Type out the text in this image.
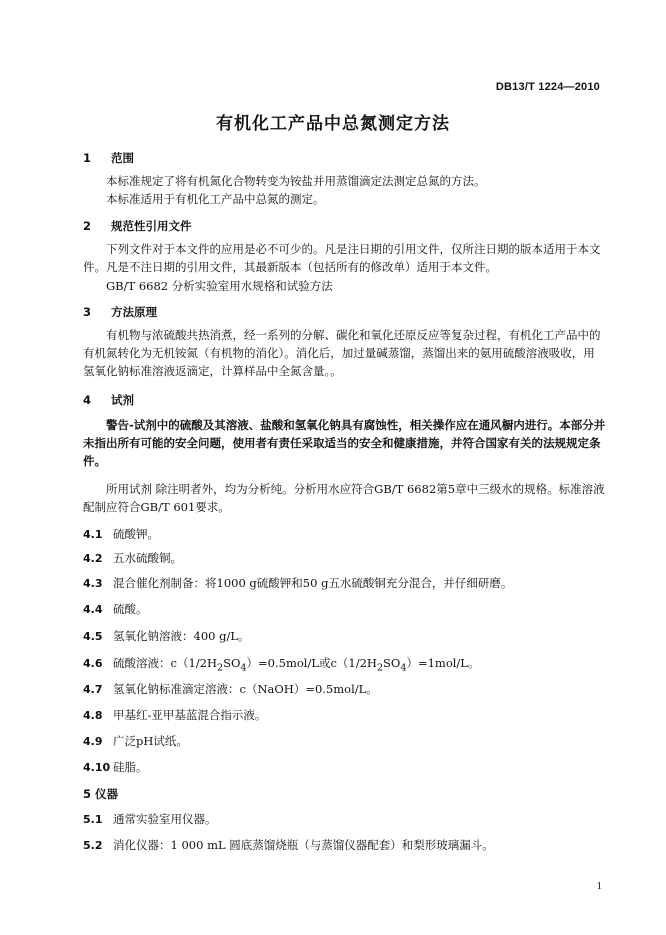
DB13/T 1224—2010
有机化工产品中总氮测定方法
1 范围
本标准规定了将有机氮化合物转变为铵盐并用蒸馏滴定法测定总氮的方法。
本标准适用于有机化工产品中总氮的测定。
2 规范性引用文件
下列文件对于本文件的应用是必不可少的。凡是注日期的引用文件，仅所注日期的版本适用于本文
件。凡是不注日期的引用文件，其最新版本（包括所有的修改单）适用于本文件。
GB/T 6682 分析实验室用水规格和试验方法
3 方法原理
有机物与浓硫酸共热消煮，经一系列的分解、碳化和氧化还原反应等复杂过程，有机化工产品中的
有机氮转化为无机铵氮（有机物的消化）。消化后，加过量碱蒸馏，蒸馏出来的氨用硫酸溶液吸收，用
氢氧化钠标准溶液返滴定，计算样品中全氮含量。。
4 试剂
警告-试剂中的硫酸及其溶液、盐酸和氢氧化钠具有腐蚀性，相关操作应在通风橱内进行。本部分并
未指出所有可能的安全问题，使用者有责任采取适当的安全和健康措施，并符合国家有关的法规规定条
件。
所用试剂 除注明者外，均为分析纯。分析用水应符合GB/T 6682第5章中三级水的规格。标准溶液
配制应符合GB/T 601要求。
4.1 硫酸钾。
4.2 五水硫酸铜。
4.3 混合催化剂制备：将1000 g硫酸钾和50 g五水硫酸铜充分混合，并仔细研磨。
4.4 硫酸。
4.5 氢氧化钠溶液：400 g/L。
4.6 硫酸溶液：$c(1/2H_2SO_4)=0.5mol/L$或$c(1/2H_2SO_4)=1mol/L$。
4.7 氢氧化钠标准滴定溶液：c（NaOH）=0.5mol/L。
4.8 甲基红-亚甲基蓝混合指示液。
4.9 广泛pH试纸。
4.10 硅脂。
5 仪器
5.1 通常实验室用仪器。
5.2 消化仪器：1 000 mL 圆底蒸馏烧瓶（与蒸馏仪器配套）和梨形玻璃漏斗。
1
